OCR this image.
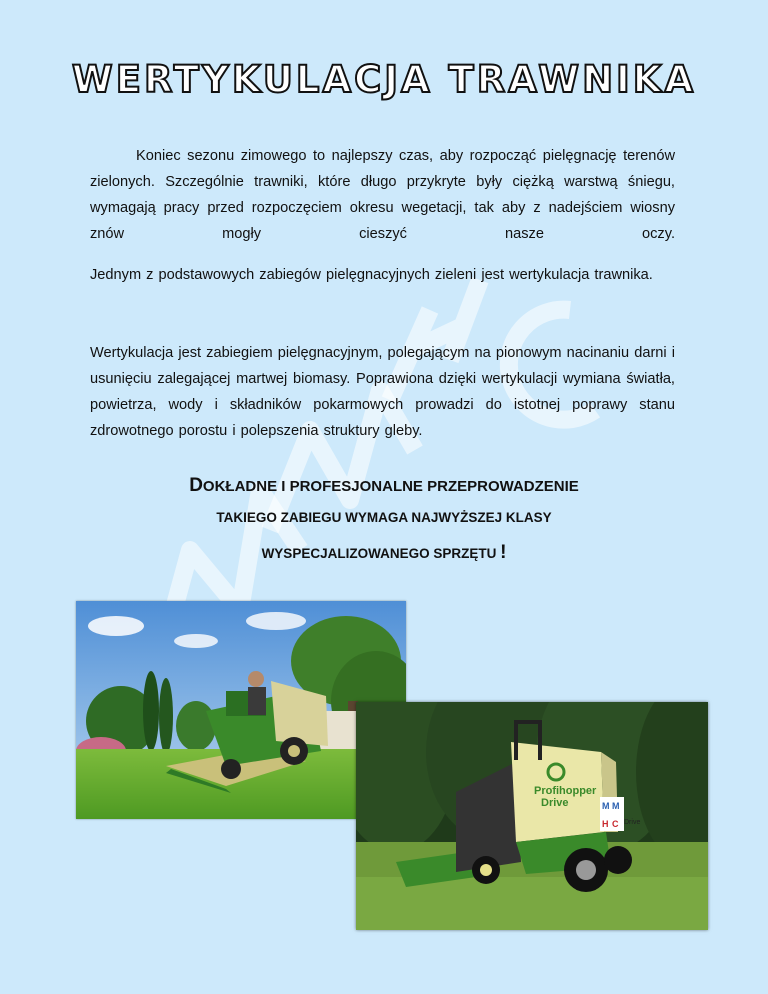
WERTYKULACJA TRAWNIKA

Koniec sezonu zimowego to najlepszy czas, aby rozpocząć pielęgnację terenów zielonych. Szczególnie trawniki, które długo przykryte były ciężką warstwą śniegu, wymagają pracy przed rozpoczęciem okresu wegetacji, tak aby z nadejściem wiosny znów mogły cieszyć nasze oczy.

Jednym z podstawowych zabiegów pielęgnacyjnych zieleni jest wertykulacja trawnika.

Wertykulacja jest zabiegiem pielęgnacyjnym, polegającym na pionowym nacinaniu darni i usunięciu zalegającej martwej biomasy. Poprawiona dzięki wertykulacji wymiana światła, powietrza, wody i składników pokarmowych prowadzi do istotnej poprawy stanu zdrowotnego porostu i polepszenia struktury gleby.

DOKŁADNE I PROFESJONALNE PRZEPROWADZENIE
TAKIEGO ZABIEGU WYMAGA NAJWYŻSZEJ KLASY
WYSPECJALIZOWANEGO SPRZĘTU !
Profihopper
Drive	M M
H C Drive
